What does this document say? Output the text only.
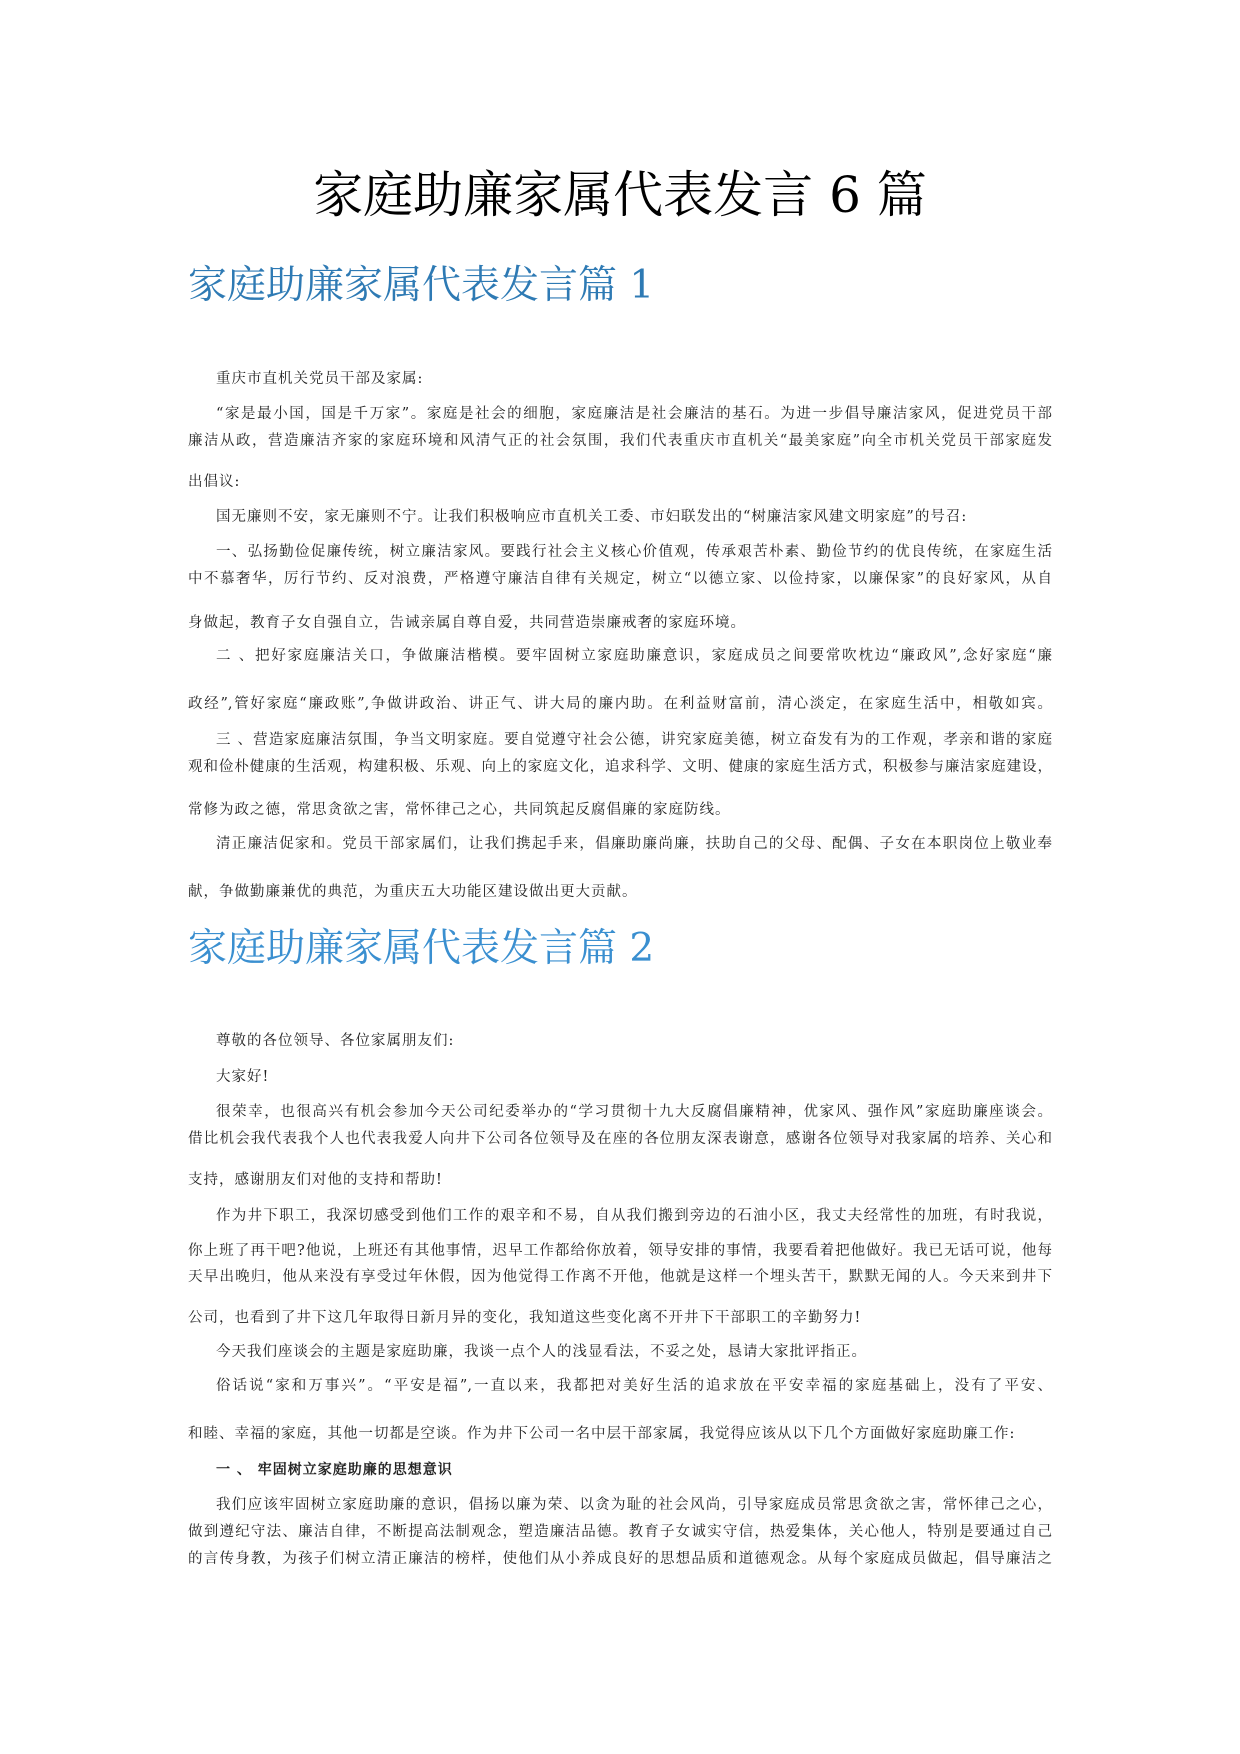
家庭助廉家属代表发言 6 篇
家庭助廉家属代表发言篇 1

重庆市直机关党员干部及家属:

“家是最小国，国是千万家”。家庭是社会的细胞，家庭廉洁是社会廉洁的基石。为进一步倡导廉洁家风，促进党员干部

廉洁从政，营造廉洁齐家的家庭环境和风清气正的社会氛围，我们代表重庆市直机关“最美家庭”向全市机关党员干部家庭发

出倡议:

国无廉则不安，家无廉则不宁。让我们积极响应市直机关工委、市妇联发出的“树廉洁家风建文明家庭”的号召:

一、弘扬勤俭促廉传统，树立廉洁家风。要践行社会主义核心价值观，传承艰苦朴素、勤俭节约的优良传统，在家庭生活

中不慕奢华，厉行节约、反对浪费，严格遵守廉洁自律有关规定，树立“以德立家、以俭持家，以廉保家”的良好家风，从自

身做起，教育子女自强自立，告诫亲属自尊自爱，共同营造崇廉戒奢的家庭环境。

二 、把好家庭廉洁关口，争做廉洁楷模。要牢固树立家庭助廉意识，家庭成员之间要常吹枕边“廉政风”,念好家庭“廉

政经”,管好家庭“廉政账”,争做讲政治、讲正气、讲大局的廉内助。在利益财富前，清心淡定，在家庭生活中，相敬如宾。

三 、营造家庭廉洁氛围，争当文明家庭。要自觉遵守社会公德，讲究家庭美德，树立奋发有为的工作观，孝亲和谐的家庭

观和俭朴健康的生活观，构建积极、乐观、向上的家庭文化，追求科学、文明、健康的家庭生活方式，积极参与廉洁家庭建设，

常修为政之德，常思贪欲之害，常怀律己之心，共同筑起反腐倡廉的家庭防线。

清正廉洁促家和。党员干部家属们，让我们携起手来，倡廉助廉尚廉，扶助自己的父母、配偶、子女在本职岗位上敬业奉

献，争做勤廉兼优的典范，为重庆五大功能区建设做出更大贡献。

家庭助廉家属代表发言篇 2

尊敬的各位领导、各位家属朋友们:

大家好!

很荣幸，也很高兴有机会参加今天公司纪委举办的“学习贯彻十九大反腐倡廉精神，优家风、强作风”家庭助廉座谈会。

借比机会我代表我个人也代表我爱人向井下公司各位领导及在座的各位朋友深表谢意，感谢各位领导对我家属的培养、关心和

支持，感谢朋友们对他的支持和帮助!

作为井下职工，我深切感受到他们工作的艰辛和不易，自从我们搬到旁边的石油小区，我丈夫经常性的加班，有时我说，

你上班了再干吧?他说，上班还有其他事情，迟早工作都给你放着，领导安排的事情，我要看着把他做好。我已无话可说，他每

天早出晚归，他从来没有享受过年休假，因为他觉得工作离不开他，他就是这样一个埋头苦干，默默无闻的人。今天来到井下

公司，也看到了井下这几年取得日新月异的变化，我知道这些变化离不开井下干部职工的辛勤努力!

今天我们座谈会的主题是家庭助廉，我谈一点个人的浅显看法，不妥之处，恳请大家批评指正。

俗话说“家和万事兴”。“平安是福”,一直以来，我都把对美好生活的追求放在平安幸福的家庭基础上，没有了平安、

和睦、幸福的家庭，其他一切都是空谈。作为井下公司一名中层干部家属，我觉得应该从以下几个方面做好家庭助廉工作:

一 、 牢固树立家庭助廉的思想意识

我们应该牢固树立家庭助廉的意识，倡扬以廉为荣、以贪为耻的社会风尚，引导家庭成员常思贪欲之害，常怀律己之心，

做到遵纪守法、廉洁自律，不断提高法制观念，塑造廉洁品德。教育子女诚实守信，热爱集体，关心他人，特别是要通过自己

的言传身教，为孩子们树立清正廉洁的榜样，使他们从小养成良好的思想品质和道德观念。从每个家庭成员做起，倡导廉洁之
